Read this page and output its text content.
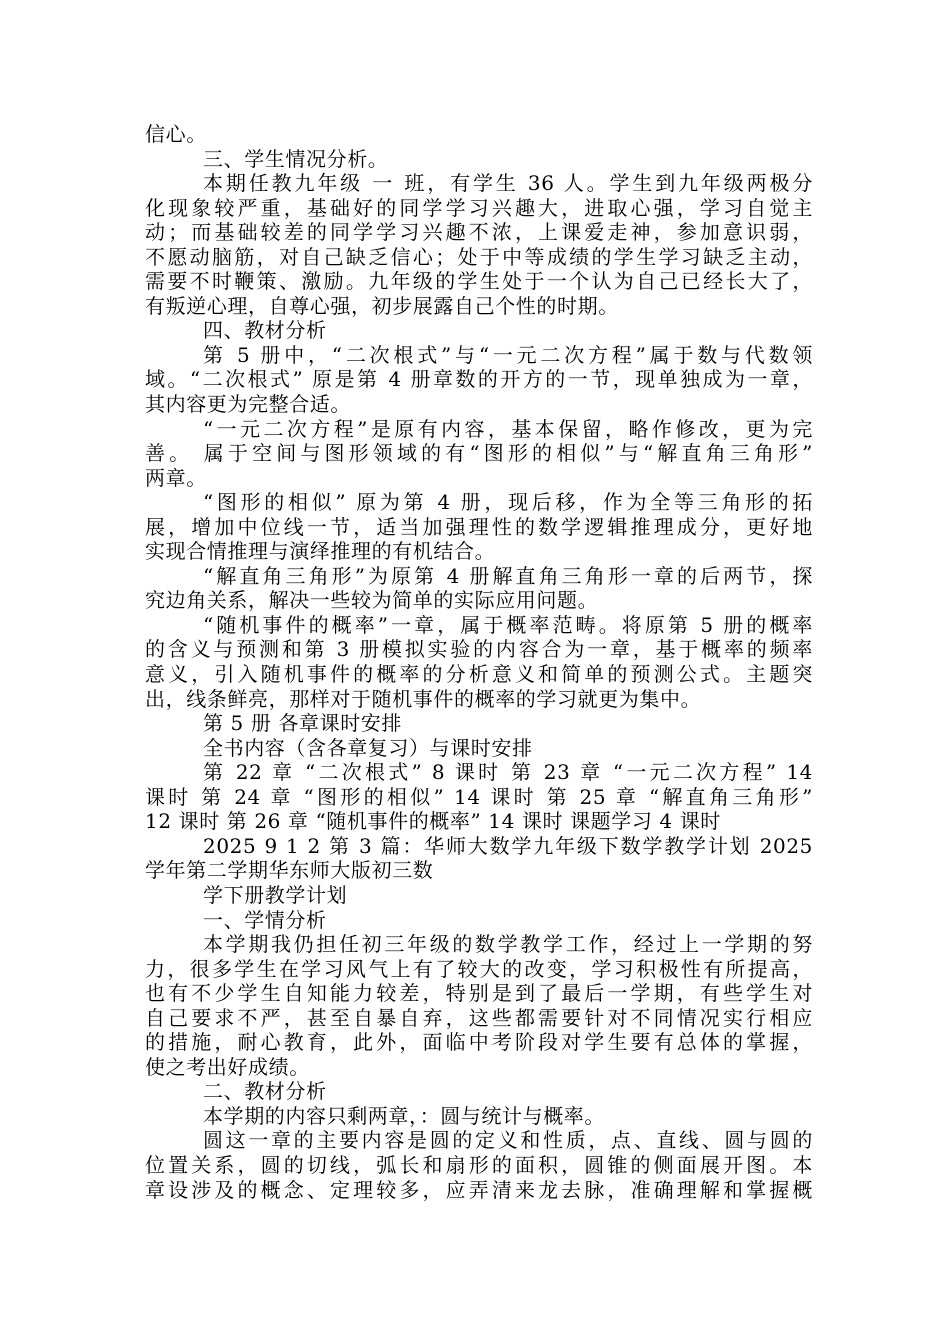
信心。
三、学生情况分析。
本期任教九年级 一 班，有学生 36 人。学生到九年级两极分
化现象较严重，基础好的同学学习兴趣大，进取心强，学习自觉主
动；而基础较差的同学学习兴趣不浓，上课爱走神，参加意识弱，
不愿动脑筋，对自己缺乏信心；处于中等成绩的学生学习缺乏主动，
需要不时鞭策、激励。九年级的学生处于一个认为自己已经长大了，
有叛逆心理，自尊心强，初步展露自己个性的时期。
四、教材分析
第 5 册中，“二次根式”与“一元二次方程”属于数与代数领
域。“二次根式” 原是第 4 册章数的开方的一节，现单独成为一章，
其内容更为完整合适。
“一元二次方程”是原有内容，基本保留，略作修改，更为完
善。 属于空间与图形领域的有“图形的相似”与“解直角三角形”
两章。
“图形的相似” 原为第 4 册，现后移，作为全等三角形的拓
展，增加中位线一节，适当加强理性的数学逻辑推理成分，更好地
实现合情推理与演绎推理的有机结合。
“解直角三角形”为原第 4 册解直角三角形一章的后两节，探
究边角关系，解决一些较为简单的实际应用问题。
“随机事件的概率”一章，属于概率范畴。将原第 5 册的概率
的含义与预测和第 3 册模拟实验的内容合为一章，基于概率的频率
意义，引入随机事件的概率的分析意义和简单的预测公式。主题突
出，线条鲜亮，那样对于随机事件的概率的学习就更为集中。
第 5 册 各章课时安排
全书内容（含各章复习）与课时安排
第 22 章 “二次根式” 8 课时 第 23 章 “一元二次方程” 14
课时 第 24 章 “图形的相似” 14 课时 第 25 章 “解直角三角形”
12 课时 第 26 章 “随机事件的概率” 14 课时 课题学习 4 课时
2025 9 1 2 第 3 篇：华师大数学九年级下数学教学计划 2025
学年第二学期华东师大版初三数
学下册教学计划
一、学情分析
本学期我仍担任初三年级的数学教学工作，经过上一学期的努
力，很多学生在学习风气上有了较大的改变，学习积极性有所提高，
也有不少学生自知能力较差，特别是到了最后一学期，有些学生对
自己要求不严，甚至自暴自弃，这些都需要针对不同情况实行相应
的措施，耐心教育，此外，面临中考阶段对学生要有总体的掌握，
使之考出好成绩。
二、教材分析
本学期的内容只剩两章，：圆与统计与概率。
圆这一章的主要内容是圆的定义和性质，点、直线、圆与圆的
位置关系，圆的切线，弧长和扇形的面积，圆锥的侧面展开图。本
章设涉及的概念、定理较多，应弄清来龙去脉，准确理解和掌握概
